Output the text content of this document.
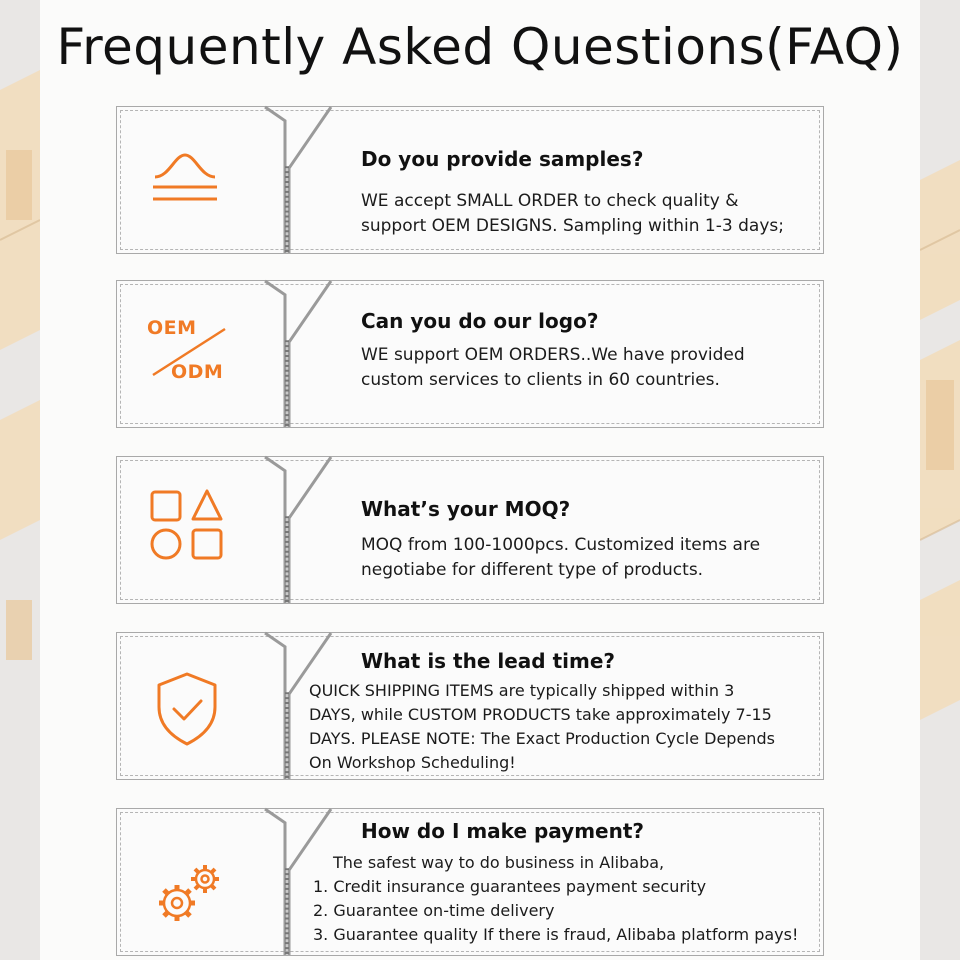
Frequently Asked Questions(FAQ)
Do you provide samples?
WE accept SMALL ORDER to check quality &
support OEM DESIGNS. Sampling within 1-3 days;
OEM
ODM
Can you do our logo?
WE support OEM ORDERS..We have provided
custom services to clients in 60 countries.
What’s your MOQ?
MOQ from 100-1000pcs. Customized items are
negotiabe for different type of products.
What is the lead time?
QUICK SHIPPING ITEMS are typically shipped within 3
DAYS, while CUSTOM PRODUCTS take approximately 7-15
DAYS. PLEASE NOTE: The Exact Production Cycle Depends
On Workshop Scheduling!
How do I make payment?
The safest way to do business in Alibaba,
1. Credit insurance guarantees payment security
2. Guarantee on-time delivery
3. Guarantee quality If there is fraud, Alibaba platform pays!
